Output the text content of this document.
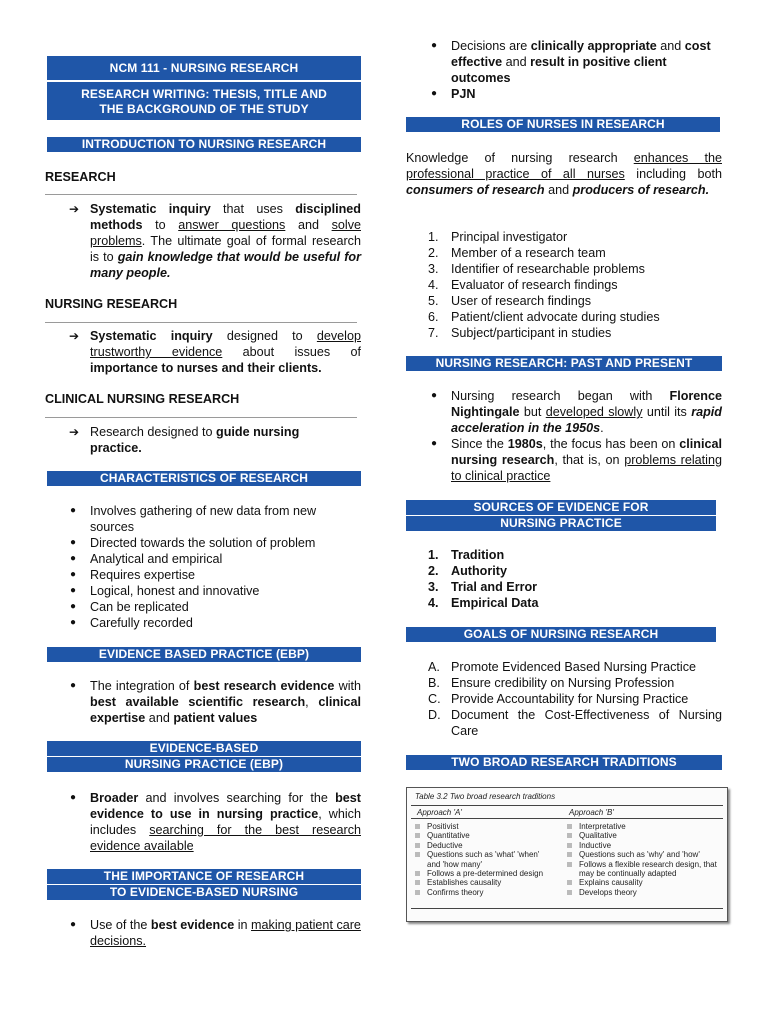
NCM 111 - NURSING RESEARCH
RESEARCH WRITING: THESIS, TITLE AND
THE BACKGROUND OF THE STUDY
INTRODUCTION TO NURSING RESEARCH
RESEARCH
➔ Systematic inquiry that uses disciplined methods to answer questions and solve problems. The ultimate goal of formal research is to gain knowledge that would be useful for many people.
NURSING RESEARCH
➔ Systematic inquiry designed to develop trustworthy evidence about issues of importance to nurses and their clients.
CLINICAL NURSING RESEARCH
➔ Research designed to guide nursing practice.
CHARACTERISTICS OF RESEARCH
● Involves gathering of new data from new sources
● Directed towards the solution of problem
● Analytical and empirical
● Requires expertise
● Logical, honest and innovative
● Can be replicated
● Carefully recorded
EVIDENCE BASED PRACTICE (EBP)
● The integration of best research evidence with best available scientific research, clinical expertise and patient values
EVIDENCE-BASED
NURSING PRACTICE (EBP)
● Broader and involves searching for the best evidence to use in nursing practice, which includes searching for the best research evidence available
THE IMPORTANCE OF RESEARCH
TO EVIDENCE-BASED NURSING
● Use of the best evidence in making patient care decisions.
● Decisions are clinically appropriate and cost effective and result in positive client outcomes
● PJN
ROLES OF NURSES IN RESEARCH
Knowledge of nursing research enhances the professional practice of all nurses including both consumers of research and producers of research.
1. Principal investigator
2. Member of a research team
3. Identifier of researchable problems
4. Evaluator of research findings
5. User of research findings
6. Patient/client advocate during studies
7. Subject/participant in studies
NURSING RESEARCH: PAST AND PRESENT
● Nursing research began with Florence Nightingale but developed slowly until its rapid acceleration in the 1950s.
● Since the 1980s, the focus has been on clinical nursing research, that is, on problems relating to clinical practice
SOURCES OF EVIDENCE FOR
NURSING PRACTICE
1. Tradition
2. Authority
3. Trial and Error
4. Empirical Data
GOALS OF NURSING RESEARCH
A. Promote Evidenced Based Nursing Practice
B. Ensure credibility on Nursing Profession
C. Provide Accountability for Nursing Practice
D. Document the Cost-Effectiveness of Nursing Care
TWO BROAD RESEARCH TRADITIONS
Table 3.2 Two broad research traditions
Approach 'A'	Approach 'B'
Positivist
Quantitative
Deductive
Questions such as 'what' 'when' and 'how many'
Follows a pre-determined design
Establishes causality
Confirms theory
Interpretative
Qualitative
Inductive
Questions such as 'why' and 'how'
Follows a flexible research design, that may be continually adapted
Explains causality
Develops theory
